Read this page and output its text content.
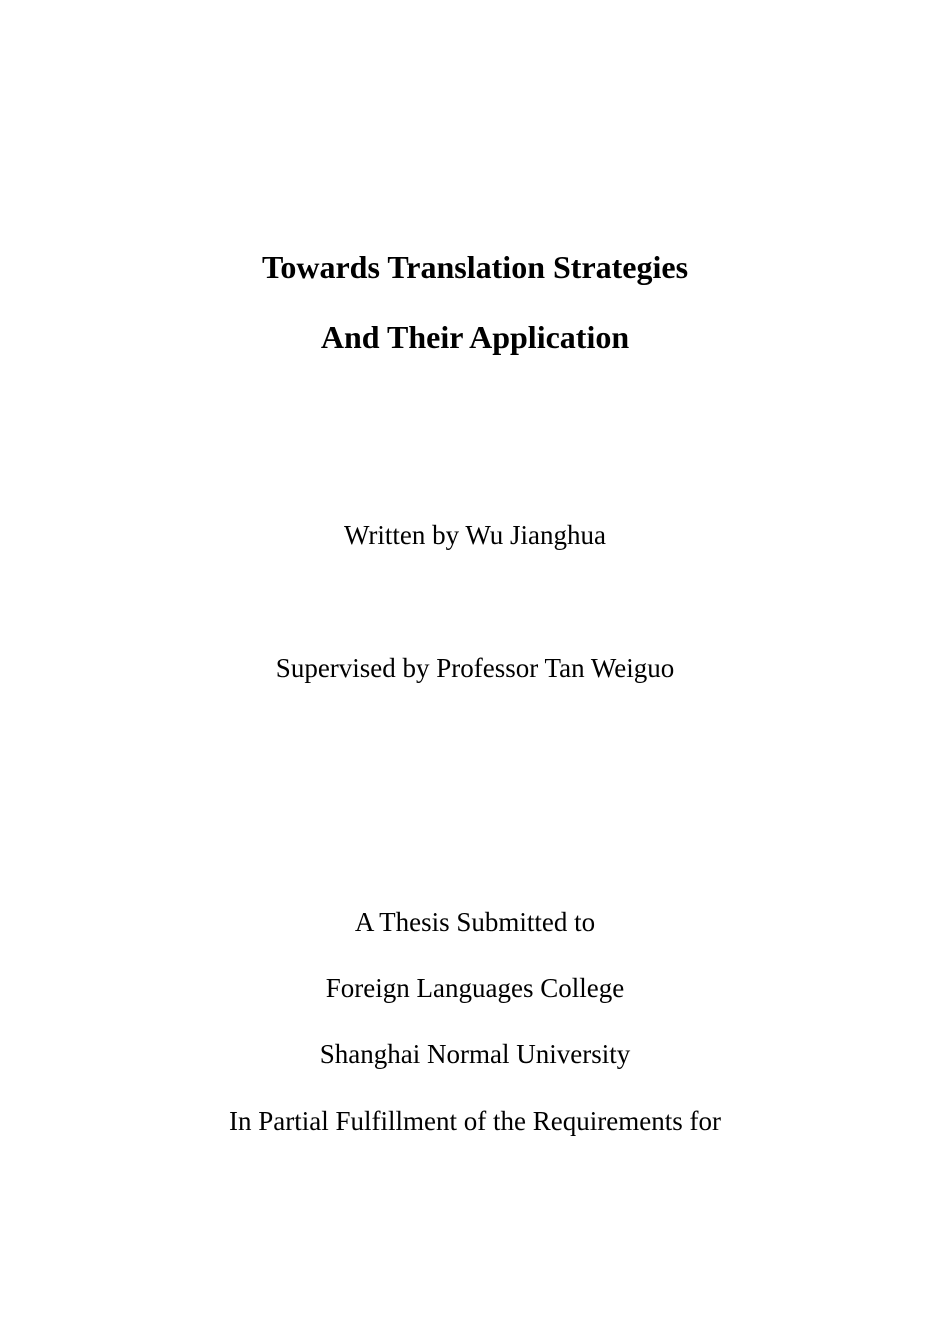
Towards Translation Strategies
And Their Application

Written by Wu Jianghua

Supervised by Professor Tan Weiguo

A Thesis Submitted to

Foreign Languages College

Shanghai Normal University

In Partial Fulfillment of the Requirements for
